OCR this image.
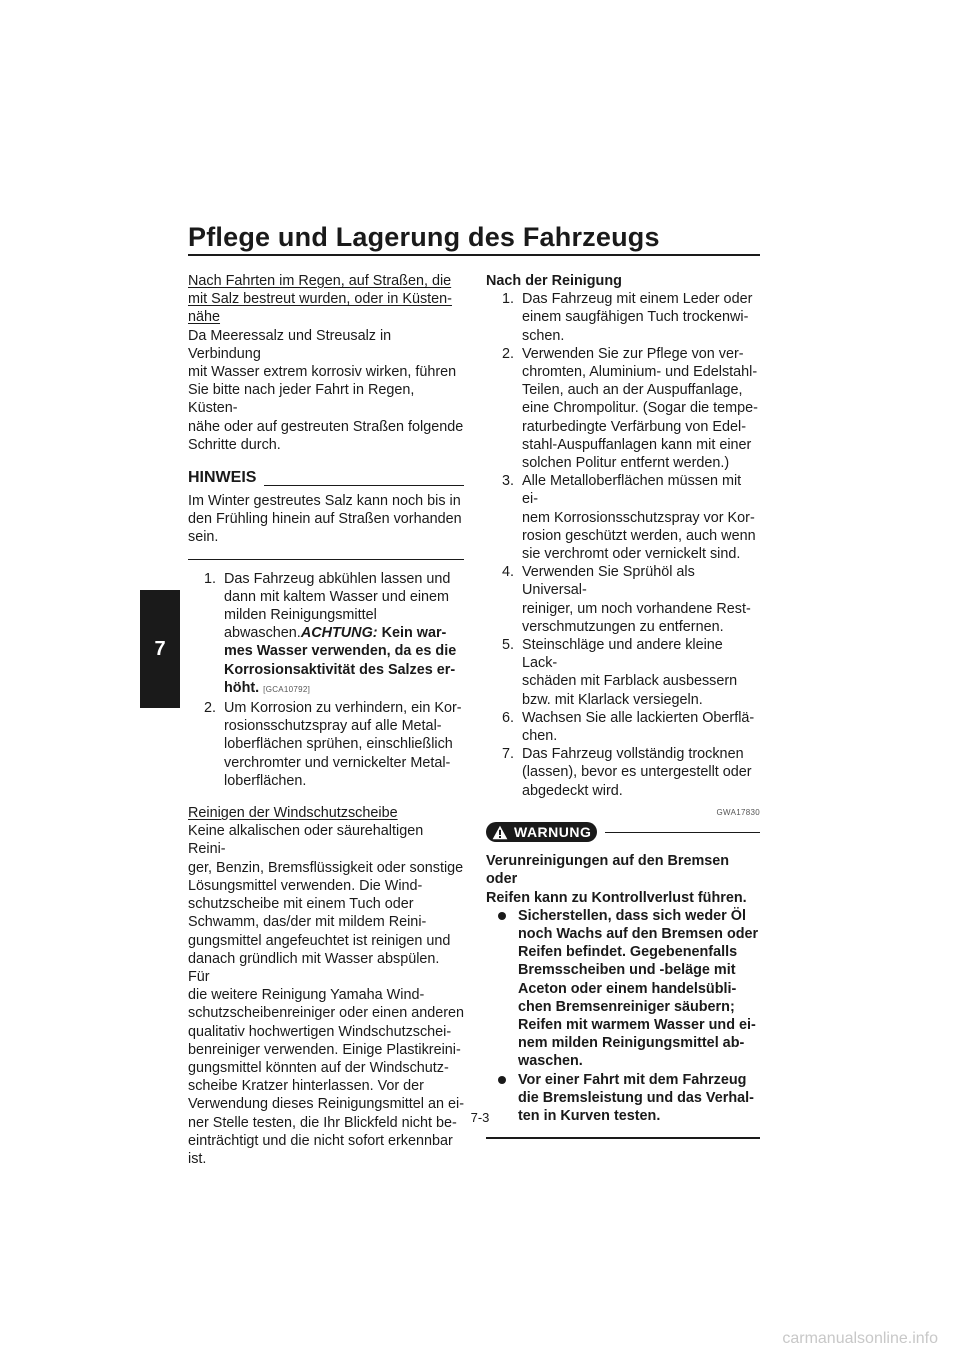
Pflege und Lagerung des Fahrzeugs
7
Nach Fahrten im Regen, auf Straßen, die
mit Salz bestreut wurden, oder in Küsten-
nähe
Da Meeressalz und Streusalz in Verbindung
mit Wasser extrem korrosiv wirken, führen
Sie bitte nach jeder Fahrt in Regen, Küsten-
nähe oder auf gestreuten Straßen folgende
Schritte durch.
HINWEIS
Im Winter gestreutes Salz kann noch bis in
den Frühling hinein auf Straßen vorhanden
sein.
1. Das Fahrzeug abkühlen lassen und
dann mit kaltem Wasser und einem
milden Reinigungsmittel
abwaschen.ACHTUNG: Kein war-
mes Wasser verwenden, da es die
Korrosionsaktivität des Salzes er-
höht. [GCA10792]
2. Um Korrosion zu verhindern, ein Kor-
rosionsschutzspray auf alle Metal-
loberflächen sprühen, einschließlich
verchromter und vernickelter Metal-
loberflächen.
Reinigen der Windschutzscheibe
Keine alkalischen oder säurehaltigen Reini-
ger, Benzin, Bremsflüssigkeit oder sonstige
Lösungsmittel verwenden. Die Wind-
schutzscheibe mit einem Tuch oder
Schwamm, das/der mit mildem Reini-
gungsmittel angefeuchtet ist reinigen und
danach gründlich mit Wasser abspülen. Für
die weitere Reinigung Yamaha Wind-
schutzscheibenreiniger oder einen anderen
qualitativ hochwertigen Windschutzschei-
benreiniger verwenden. Einige Plastikreini-
gungsmittel könnten auf der Windschutz-
scheibe Kratzer hinterlassen. Vor der
Verwendung dieses Reinigungsmittel an ei-
ner Stelle testen, die Ihr Blickfeld nicht be-
einträchtigt und die nicht sofort erkennbar
ist.
Nach der Reinigung
1. Das Fahrzeug mit einem Leder oder
einem saugfähigen Tuch trockenwi-
schen.
2. Verwenden Sie zur Pflege von ver-
chromten, Aluminium- und Edelstahl-
Teilen, auch an der Auspuffanlage,
eine Chrompolitur. (Sogar die tempe-
raturbedingte Verfärbung von Edel-
stahl-Auspuffanlagen kann mit einer
solchen Politur entfernt werden.)
3. Alle Metalloberflächen müssen mit ei-
nem Korrosionsschutzspray vor Kor-
rosion geschützt werden, auch wenn
sie verchromt oder vernickelt sind.
4. Verwenden Sie Sprühöl als Universal-
reiniger, um noch vorhandene Rest-
verschmutzungen zu entfernen.
5. Steinschläge und andere kleine Lack-
schäden mit Farblack ausbessern
bzw. mit Klarlack versiegeln.
6. Wachsen Sie alle lackierten Oberflä-
chen.
7. Das Fahrzeug vollständig trocknen
(lassen), bevor es untergestellt oder
abgedeckt wird.
GWA17830
WARNUNG
Verunreinigungen auf den Bremsen oder
Reifen kann zu Kontrollverlust führen.
Sicherstellen, dass sich weder Öl
noch Wachs auf den Bremsen oder
Reifen befindet. Gegebenenfalls
Bremsscheiben und -beläge mit
Aceton oder einem handelsübli-
chen Bremsenreiniger säubern;
Reifen mit warmem Wasser und ei-
nem milden Reinigungsmittel ab-
waschen.
Vor einer Fahrt mit dem Fahrzeug
die Bremsleistung und das Verhal-
ten in Kurven testen.
7-3
carmanualsonline.info
